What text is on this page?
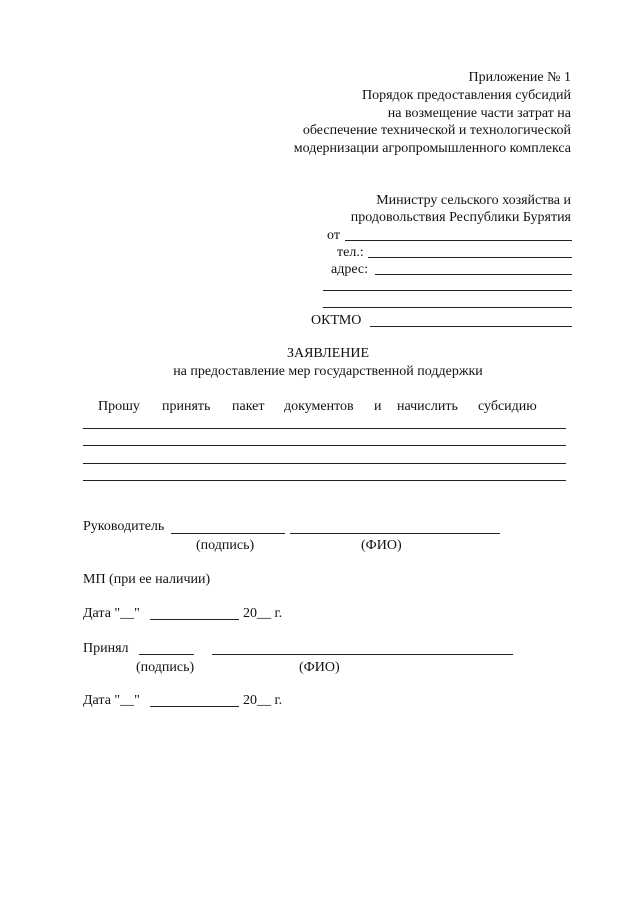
Приложение № 1
Порядок предоставления субсидий
на возмещение части затрат на
обеспечение технической и технологической
модернизации агропромышленного комплекса
Министру сельского хозяйства и
продовольствия Республики Бурятия
от
тел.:
адрес:
ОКТМО
ЗАЯВЛЕНИЕ
на предоставление мер государственной поддержки
Прошу принять пакет документов и начислить субсидию
Руководитель
(подпись)	(ФИО)
МП (при ее наличии)
Дата "__"	20__ г.
Принял
(подпись)	(ФИО)
Дата "__"	20__ г.
